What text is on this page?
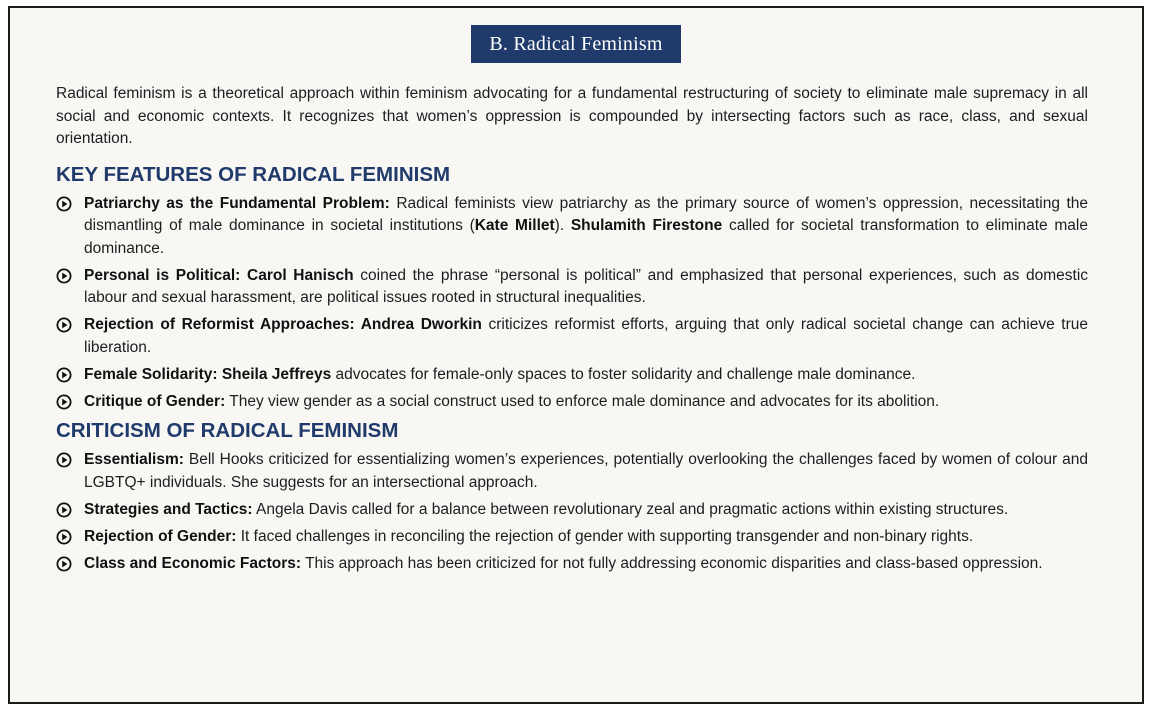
B. Radical Feminism

Radical feminism is a theoretical approach within feminism advocating for a fundamental restructuring of society to eliminate male supremacy in all social and economic contexts. It recognizes that women’s oppression is compounded by intersecting factors such as race, class, and sexual orientation.

KEY FEATURES OF RADICAL FEMINISM
Patriarchy as the Fundamental Problem: Radical feminists view patriarchy as the primary source of women’s oppression, necessitating the dismantling of male dominance in societal institutions (Kate Millet). Shulamith Firestone called for societal transformation to eliminate male dominance.
Personal is Political: Carol Hanisch coined the phrase “personal is political” and emphasized that personal experiences, such as domestic labour and sexual harassment, are political issues rooted in structural inequalities.
Rejection of Reformist Approaches: Andrea Dworkin criticizes reformist efforts, arguing that only radical societal change can achieve true liberation.
Female Solidarity: Sheila Jeffreys advocates for female-only spaces to foster solidarity and challenge male dominance.
Critique of Gender: They view gender as a social construct used to enforce male dominance and advocates for its abolition.
CRITICISM OF RADICAL FEMINISM
Essentialism: Bell Hooks criticized for essentializing women’s experiences, potentially overlooking the challenges faced by women of colour and LGBTQ+ individuals. She suggests for an intersectional approach.
Strategies and Tactics: Angela Davis called for a balance between revolutionary zeal and pragmatic actions within existing structures.
Rejection of Gender: It faced challenges in reconciling the rejection of gender with supporting transgender and non-binary rights.
Class and Economic Factors: This approach has been criticized for not fully addressing economic disparities and class-based oppression.
